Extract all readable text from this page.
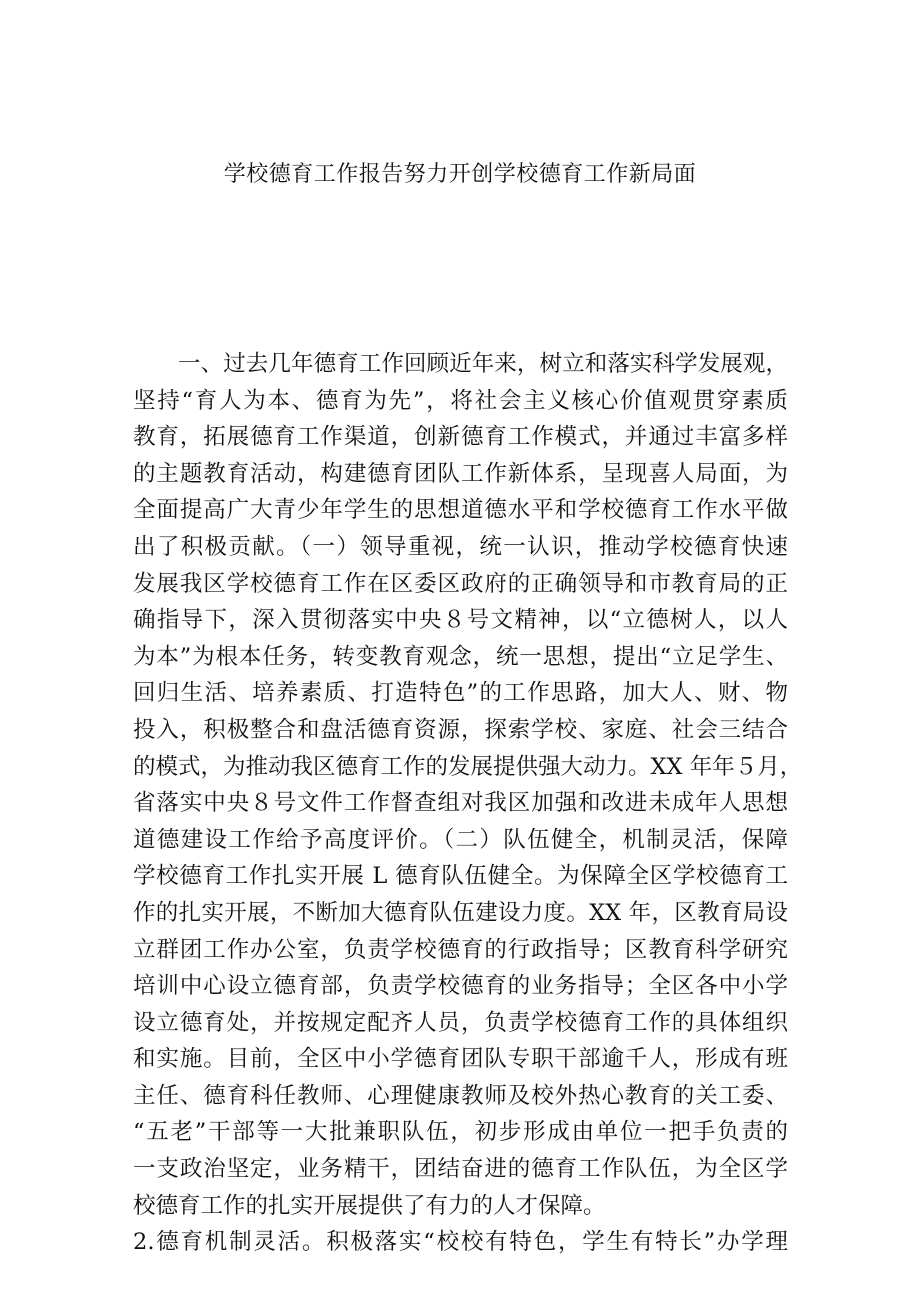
学校德育工作报告努力开创学校德育工作新局面
一、过去几年德育工作回顾近年来，树立和落实科学发展观，
坚持“育人为本、德育为先”，将社会主义核心价值观贯穿素质
教育，拓展德育工作渠道，创新德育工作模式，并通过丰富多样
的主题教育活动，构建德育团队工作新体系，呈现喜人局面，为
全面提高广大青少年学生的思想道德水平和学校德育工作水平做
出了积极贡献。（一）领导重视，统一认识，推动学校德育快速
发展我区学校德育工作在区委区政府的正确领导和市教育局的正
确指导下，深入贯彻落实中央８号文精神，以“立德树人，以人
为本”为根本任务，转变教育观念，统一思想，提出“立足学生、
回归生活、培养素质、打造特色”的工作思路，加大人、财、物
投入，积极整合和盘活德育资源，探索学校、家庭、社会三结合
的模式，为推动我区德育工作的发展提供强大动力。XX 年年５月，
省落实中央８号文件工作督查组对我区加强和改进未成年人思想
道德建设工作给予高度评价。（二）队伍健全，机制灵活，保障
学校德育工作扎实开展 L 德育队伍健全。为保障全区学校德育工
作的扎实开展，不断加大德育队伍建设力度。XX 年，区教育局设
立群团工作办公室，负责学校德育的行政指导；区教育科学研究
培训中心设立德育部，负责学校德育的业务指导；全区各中小学
设立德育处，并按规定配齐人员，负责学校德育工作的具体组织
和实施。目前，全区中小学德育团队专职干部逾千人，形成有班
主任、德育科任教师、心理健康教师及校外热心教育的关工委、
“五老”干部等一大批兼职队伍，初步形成由单位一把手负责的
一支政治坚定，业务精干，团结奋进的德育工作队伍，为全区学
校德育工作的扎实开展提供了有力的人才保障。
2.德育机制灵活。积极落实“校校有特色，学生有特长”办学理
